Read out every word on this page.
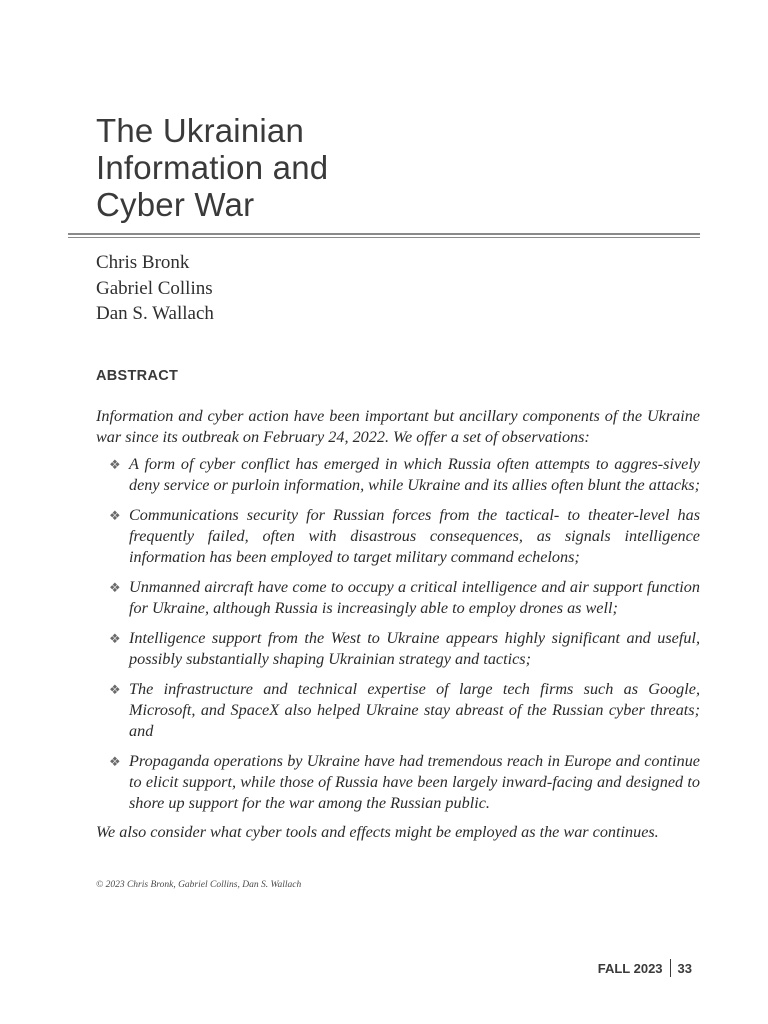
The Ukrainian
Information and
Cyber War
Chris Bronk
Gabriel Collins
Dan S. Wallach
ABSTRACT

Information and cyber action have been important but ancillary components of the Ukraine war since its outbreak on February 24, 2022. We offer a set of observations:

❖ A form of cyber conflict has emerged in which Russia often attempts to aggres-sively deny service or purloin information, while Ukraine and its allies often blunt the attacks;
❖ Communications security for Russian forces from the tactical- to theater-level has frequently failed, often with disastrous consequences, as signals intelligence information has been employed to target military command echelons;
❖ Unmanned aircraft have come to occupy a critical intelligence and air support function for Ukraine, although Russia is increasingly able to employ drones as well;
❖ Intelligence support from the West to Ukraine appears highly significant and useful, possibly substantially shaping Ukrainian strategy and tactics;
❖ The infrastructure and technical expertise of large tech firms such as Google, Microsoft, and SpaceX also helped Ukraine stay abreast of the Russian cyber threats; and
❖ Propaganda operations by Ukraine have had tremendous reach in Europe and continue to elicit support, while those of Russia have been largely inward-facing and designed to shore up support for the war among the Russian public.

We also consider what cyber tools and effects might be employed as the war continues.

© 2023 Chris Bronk, Gabriel Collins, Dan S. Wallach
FALL 2023 33
